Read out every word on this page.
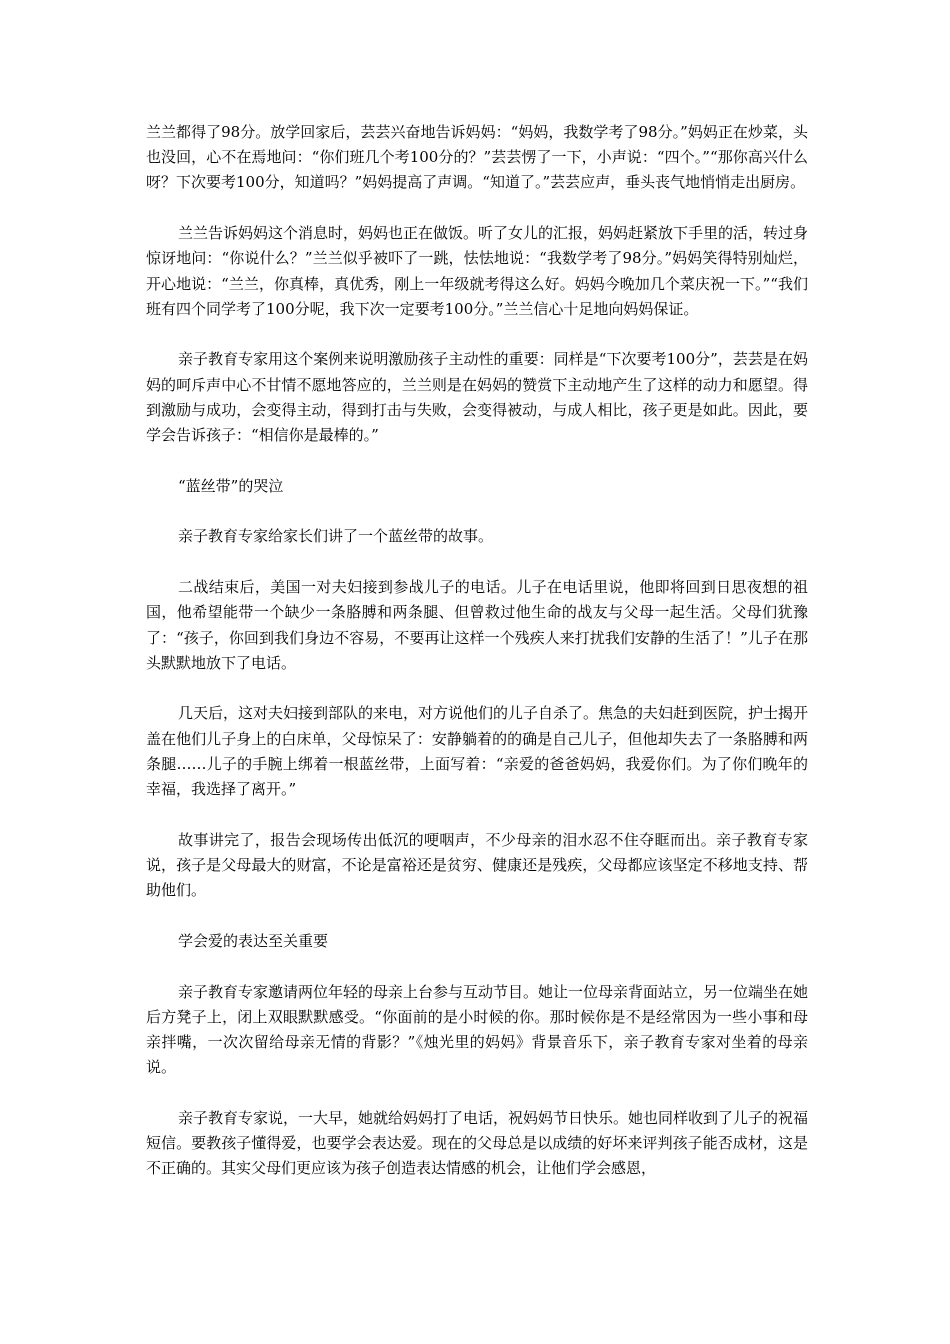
兰兰都得了98分。放学回家后，芸芸兴奋地告诉妈妈：“妈妈，我数学考了98分。”妈妈正在炒菜，头也没回，心不在焉地问：“你们班几个考100分的？”芸芸愣了一下，小声说：“四个。”“那你高兴什么呀？下次要考100分，知道吗？”妈妈提高了声调。“知道了。”芸芸应声，垂头丧气地悄悄走出厨房。

兰兰告诉妈妈这个消息时，妈妈也正在做饭。听了女儿的汇报，妈妈赶紧放下手里的活，转过身惊讶地问：“你说什么？”兰兰似乎被吓了一跳，怯怯地说：“我数学考了98分。”妈妈笑得特别灿烂，开心地说：“兰兰，你真棒，真优秀，刚上一年级就考得这么好。妈妈今晚加几个菜庆祝一下。”“我们班有四个同学考了100分呢，我下次一定要考100分。”兰兰信心十足地向妈妈保证。

亲子教育专家用这个案例来说明激励孩子主动性的重要：同样是“下次要考100分”，芸芸是在妈妈的呵斥声中心不甘情不愿地答应的，兰兰则是在妈妈的赞赏下主动地产生了这样的动力和愿望。得到激励与成功，会变得主动，得到打击与失败，会变得被动，与成人相比，孩子更是如此。因此，要学会告诉孩子：“相信你是最棒的。”

“蓝丝带”的哭泣

亲子教育专家给家长们讲了一个蓝丝带的故事。

二战结束后，美国一对夫妇接到参战儿子的电话。儿子在电话里说，他即将回到日思夜想的祖国，他希望能带一个缺少一条胳膊和两条腿、但曾救过他生命的战友与父母一起生活。父母们犹豫了：“孩子，你回到我们身边不容易，不要再让这样一个残疾人来打扰我们安静的生活了！”儿子在那头默默地放下了电话。

几天后，这对夫妇接到部队的来电，对方说他们的儿子自杀了。焦急的夫妇赶到医院，护士揭开盖在他们儿子身上的白床单，父母惊呆了：安静躺着的的确是自己儿子，但他却失去了一条胳膊和两条腿……儿子的手腕上绑着一根蓝丝带，上面写着：“亲爱的爸爸妈妈，我爱你们。为了你们晚年的幸福，我选择了离开。”

故事讲完了，报告会现场传出低沉的哽咽声，不少母亲的泪水忍不住夺眶而出。亲子教育专家说，孩子是父母最大的财富，不论是富裕还是贫穷、健康还是残疾，父母都应该坚定不移地支持、帮助他们。

学会爱的表达至关重要

亲子教育专家邀请两位年轻的母亲上台参与互动节目。她让一位母亲背面站立，另一位端坐在她后方凳子上，闭上双眼默默感受。“你面前的是小时候的你。那时候你是不是经常因为一些小事和母亲拌嘴，一次次留给母亲无情的背影？”《烛光里的妈妈》背景音乐下，亲子教育专家对坐着的母亲说。

亲子教育专家说，一大早，她就给妈妈打了电话，祝妈妈节日快乐。她也同样收到了儿子的祝福短信。要教孩子懂得爱，也要学会表达爱。现在的父母总是以成绩的好坏来评判孩子能否成材，这是不正确的。其实父母们更应该为孩子创造表达情感的机会，让他们学会感恩，
